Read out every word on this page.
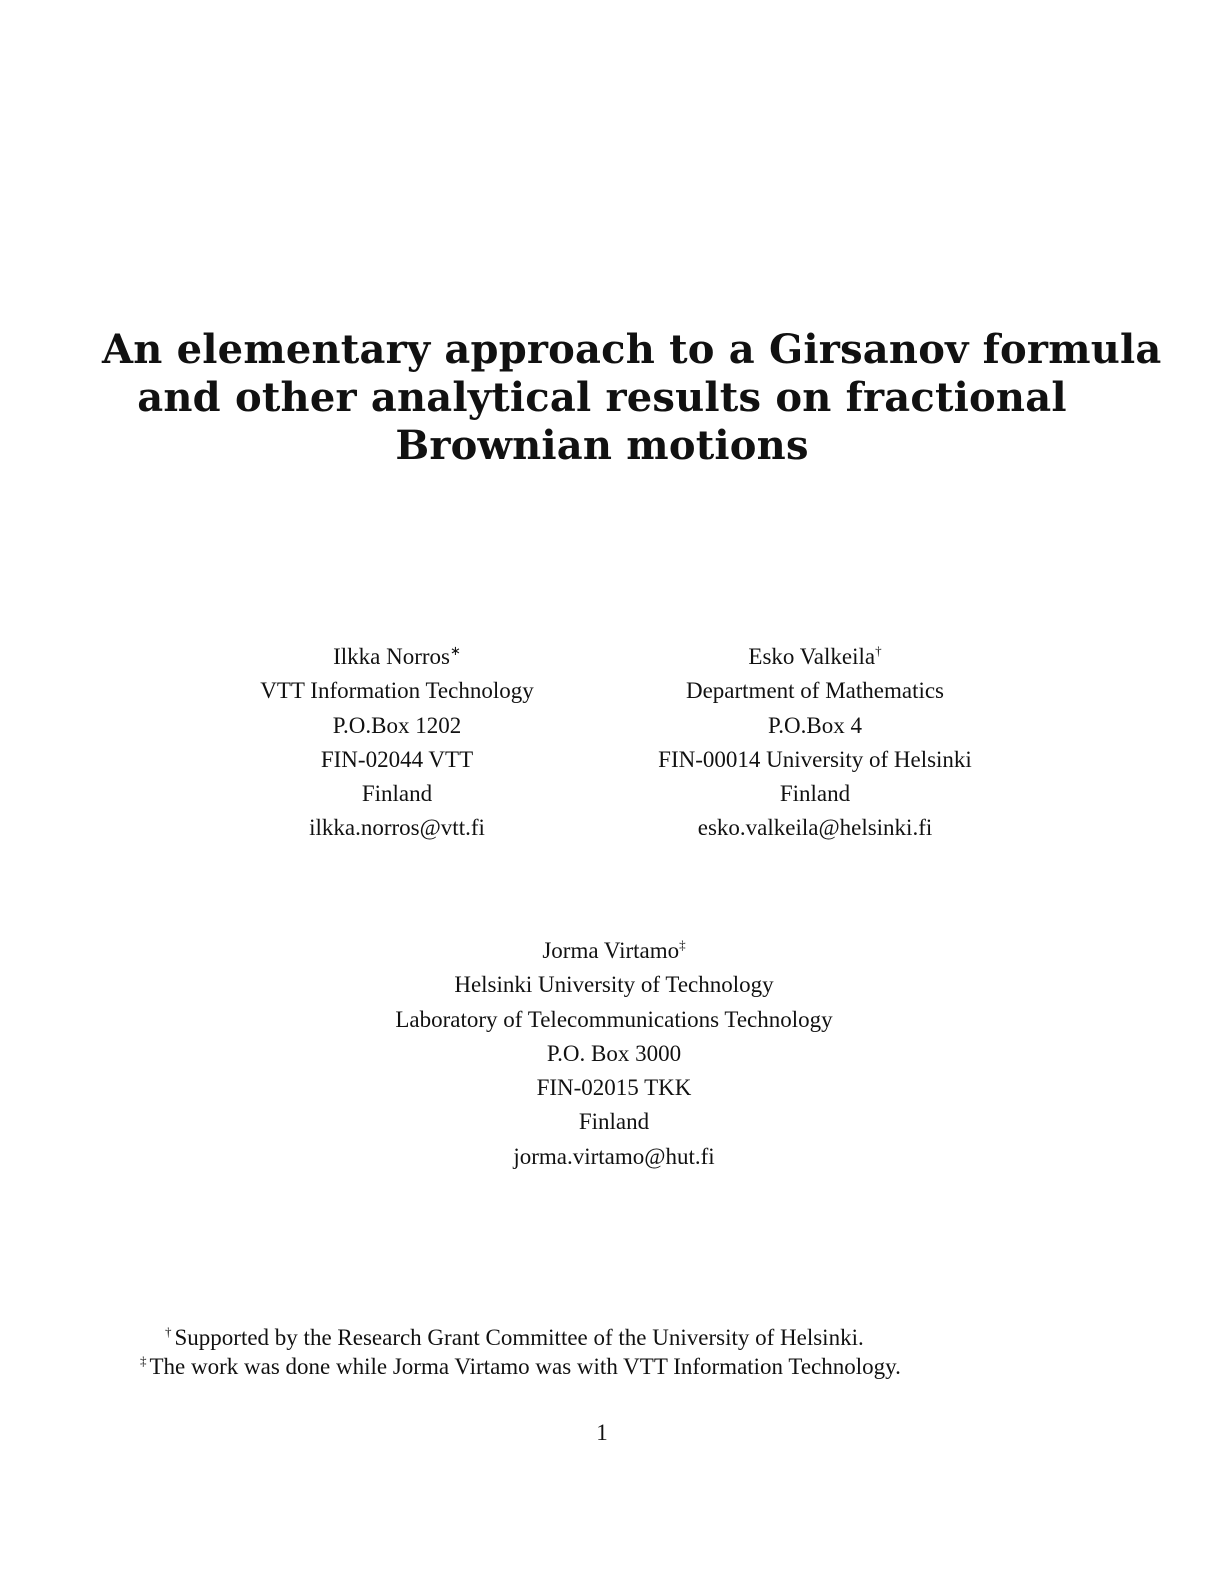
An elementary approach to a Girsanov formula
and other analytical results on fractional
Brownian motions
Ilkka Norros∗
VTT Information Technology
P.O.Box 1202
FIN-02044 VTT
Finland
ilkka.norros@vtt.fi
Esko Valkeila†
Department of Mathematics
P.O.Box 4
FIN-00014 University of Helsinki
Finland
esko.valkeila@helsinki.fi
Jorma Virtamo‡
Helsinki University of Technology
Laboratory of Telecommunications Technology
P.O. Box 3000
FIN-02015 TKK
Finland
jorma.virtamo@hut.fi
† Supported by the Research Grant Committee of the University of Helsinki.
‡ The work was done while Jorma Virtamo was with VTT Information Technology.
1
